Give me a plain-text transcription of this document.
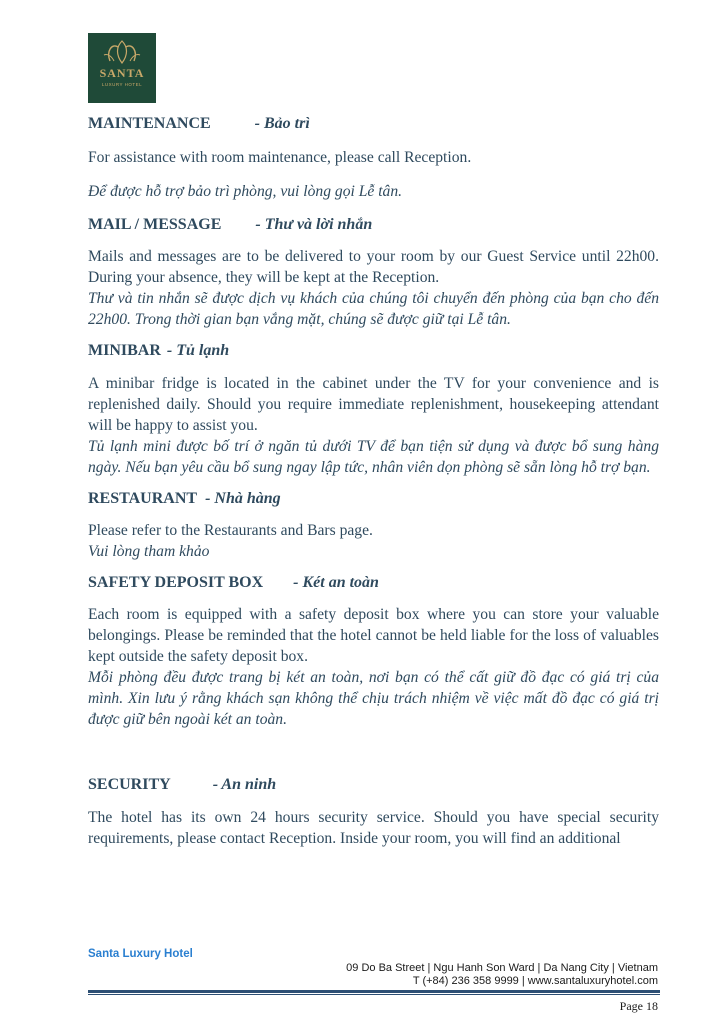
SANTA
LUXURY HOTEL
MAINTENANCE	- Bảo trì

For assistance with room maintenance, please call Reception.

Để được hỗ trợ bảo trì phòng, vui lòng gọi Lễ tân.

MAIL / MESSAGE - Thư và lời nhắn

Mails and messages are to be delivered to your room by our Guest Service until 22h00. During your absence, they will be kept at the Reception.

Thư và tin nhắn sẽ được dịch vụ khách của chúng tôi chuyển đến phòng của bạn cho đến 22h00. Trong thời gian bạn vắng mặt, chúng sẽ được giữ tại Lễ tân.

MINIBAR - Tủ lạnh

A minibar fridge is located in the cabinet under the TV for your convenience and is replenished daily. Should you require immediate replenishment, housekeeping attendant will be happy to assist you.

Tủ lạnh mini được bố trí ở ngăn tủ dưới TV để bạn tiện sử dụng và được bổ sung hàng ngày. Nếu bạn yêu cầu bổ sung ngay lập tức, nhân viên dọn phòng sẽ sẵn lòng hỗ trợ bạn.

RESTAURANT - Nhà hàng

Please refer to the Restaurants and Bars page.

Vui lòng tham khảo

SAFETY DEPOSIT BOX - Két an toàn

Each room is equipped with a safety deposit box where you can store your valuable belongings. Please be reminded that the hotel cannot be held liable for the loss of valuables kept outside the safety deposit box.

Mỗi phòng đều được trang bị két an toàn, nơi bạn có thể cất giữ đồ đạc có giá trị của mình. Xin lưu ý rằng khách sạn không thể chịu trách nhiệm về việc mất đồ đạc có giá trị được giữ bên ngoài két an toàn.

SECURITY	- An ninh

The hotel has its own 24 hours security service. Should you have special security requirements, please contact Reception. Inside your room, you will find an additional

Santa Luxury Hotel
09 Do Ba Street | Ngu Hanh Son Ward | Da Nang City | Vietnam
T (+84) 236 358 9999 | www.santaluxuryhotel.com
Page 18
